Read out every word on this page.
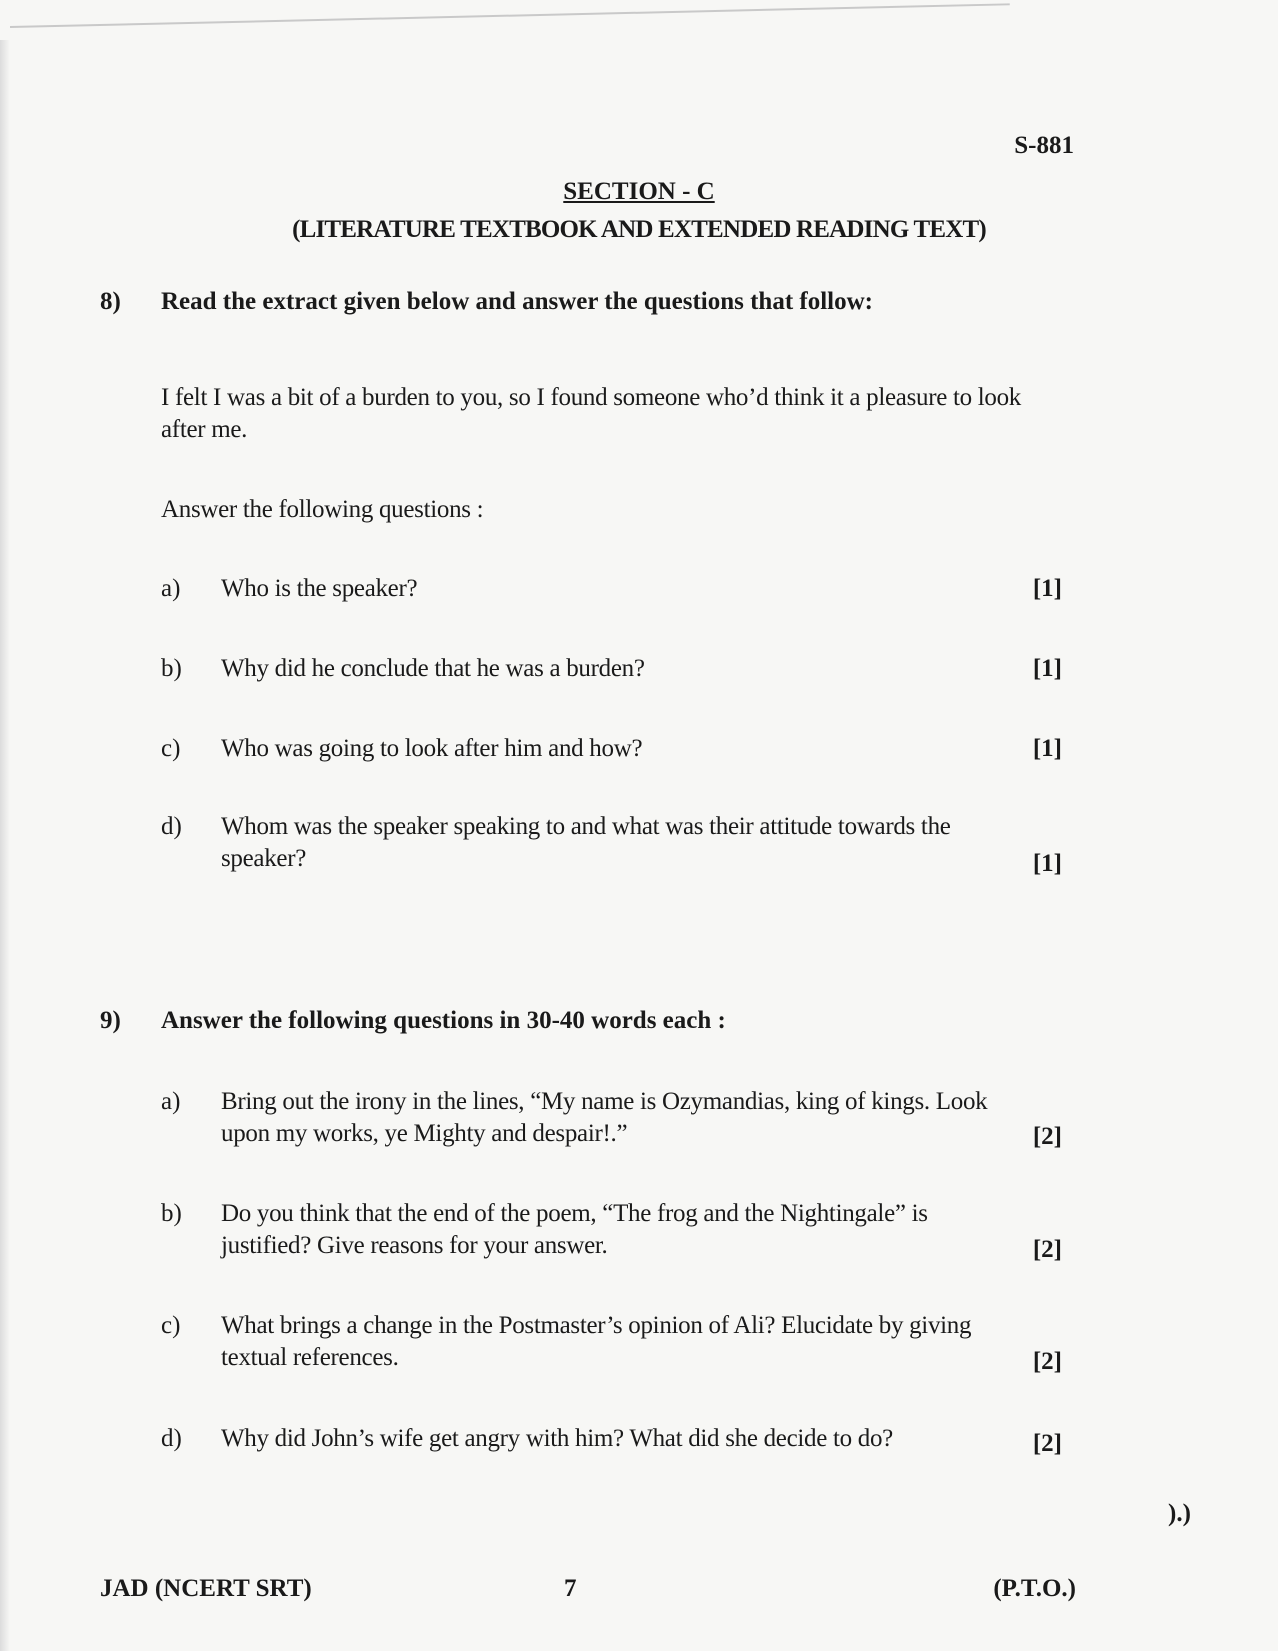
S-881
SECTION - C
(LITERATURE TEXTBOOK AND EXTENDED READING TEXT)
8) Read the extract given below and answer the questions that follow:
I felt I was a bit of a burden to you, so I found someone who’d think it a pleasure to look after me.
Answer the following questions :
a) Who is the speaker?	[1]
b) Why did he conclude that he was a burden?	[1]
c) Who was going to look after him and how?	[1]
d) Whom was the speaker speaking to and what was their attitude towards the speaker?	[1]
9) Answer the following questions in 30-40 words each :
a) Bring out the irony in the lines, “My name is Ozymandias, king of kings. Look upon my works, ye Mighty and despair!.”	[2]
b) Do you think that the end of the poem, “The frog and the Nightingale” is justified? Give reasons for your answer.	[2]
c) What brings a change in the Postmaster’s opinion of Ali? Elucidate by giving textual references.	[2]
d) Why did John’s wife get angry with him? What did she decide to do?	[2]
).)
JAD (NCERT SRT)	7	(P.T.O.)
